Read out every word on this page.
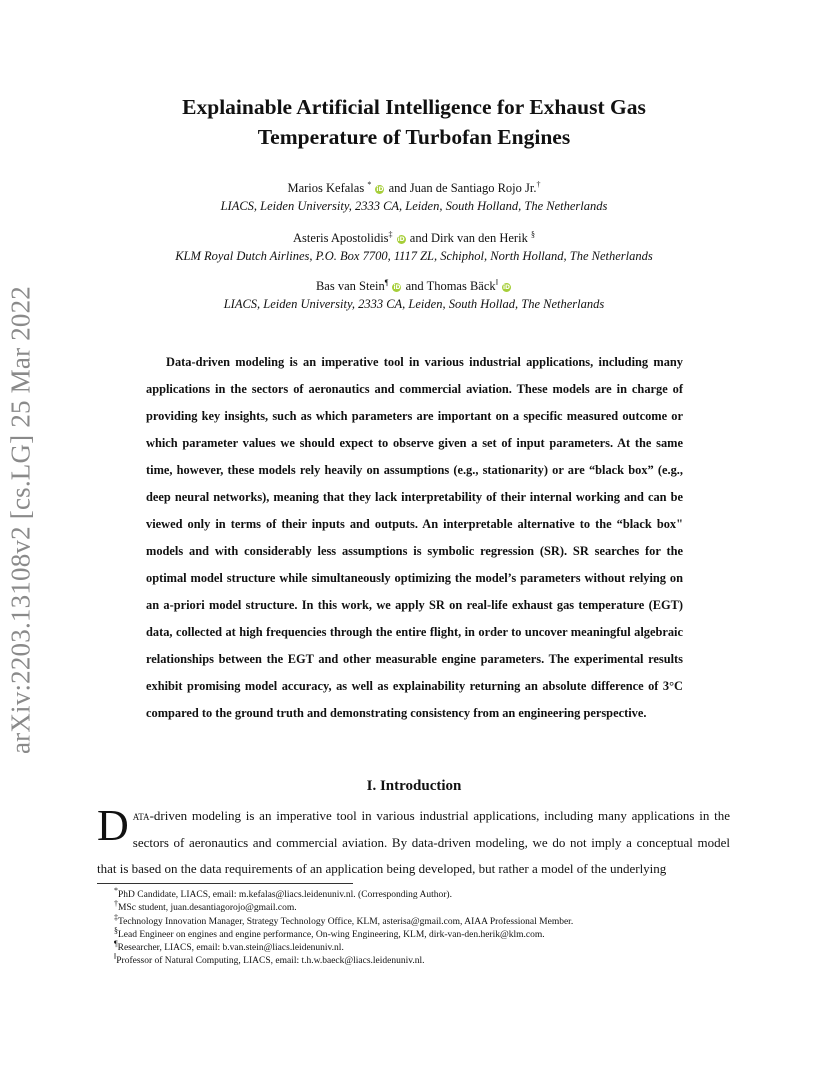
arXiv:2203.13108v2 [cs.LG] 25 Mar 2022
Explainable Artificial Intelligence for Exhaust Gas
Temperature of Turbofan Engines
Marios Kefalas * iD and Juan de Santiago Rojo Jr.†
LIACS, Leiden University, 2333 CA, Leiden, South Holland, The Netherlands
Asteris Apostolidis‡ iD and Dirk van den Herik §
KLM Royal Dutch Airlines, P.O. Box 7700, 1117 ZL, Schiphol, North Holland, The Netherlands
Bas van Stein¶ iD and Thomas Bäck‖ iD
LIACS, Leiden University, 2333 CA, Leiden, South Hollad, The Netherlands
Data-driven modeling is an imperative tool in various industrial applications, including many applications in the sectors of aeronautics and commercial aviation. These models are in charge of providing key insights, such as which parameters are important on a specific measured outcome or which parameter values we should expect to observe given a set of input parameters. At the same time, however, these models rely heavily on assumptions (e.g., stationarity) or are “black box” (e.g., deep neural networks), meaning that they lack interpretability of their internal working and can be viewed only in terms of their inputs and outputs. An interpretable alternative to the “black box" models and with considerably less assumptions is symbolic regression (SR). SR searches for the optimal model structure while simultaneously optimizing the model’s parameters without relying on an a-priori model structure. In this work, we apply SR on real-life exhaust gas temperature (EGT) data, collected at high frequencies through the entire flight, in order to uncover meaningful algebraic relationships between the EGT and other measurable engine parameters. The experimental results exhibit promising model accuracy, as well as explainability returning an absolute difference of 3°C compared to the ground truth and demonstrating consistency from an engineering perspective.
I. Introduction
Data-driven modeling is an imperative tool in various industrial applications, including many applications in the sectors of aeronautics and commercial aviation. By data-driven modeling, we do not imply a conceptual model that is based on the data requirements of an application being developed, but rather a model of the underlying
*PhD Candidate, LIACS, email: m.kefalas@liacs.leidenuniv.nl. (Corresponding Author).
†MSc student, juan.desantiagorojo@gmail.com.
‡Technology Innovation Manager, Strategy Technology Office, KLM, asterisa@gmail.com, AIAA Professional Member.
§Lead Engineer on engines and engine performance, On-wing Engineering, KLM, dirk-van-den.herik@klm.com.
¶Researcher, LIACS, email: b.van.stein@liacs.leidenuniv.nl.
‖Professor of Natural Computing, LIACS, email: t.h.w.baeck@liacs.leidenuniv.nl.
